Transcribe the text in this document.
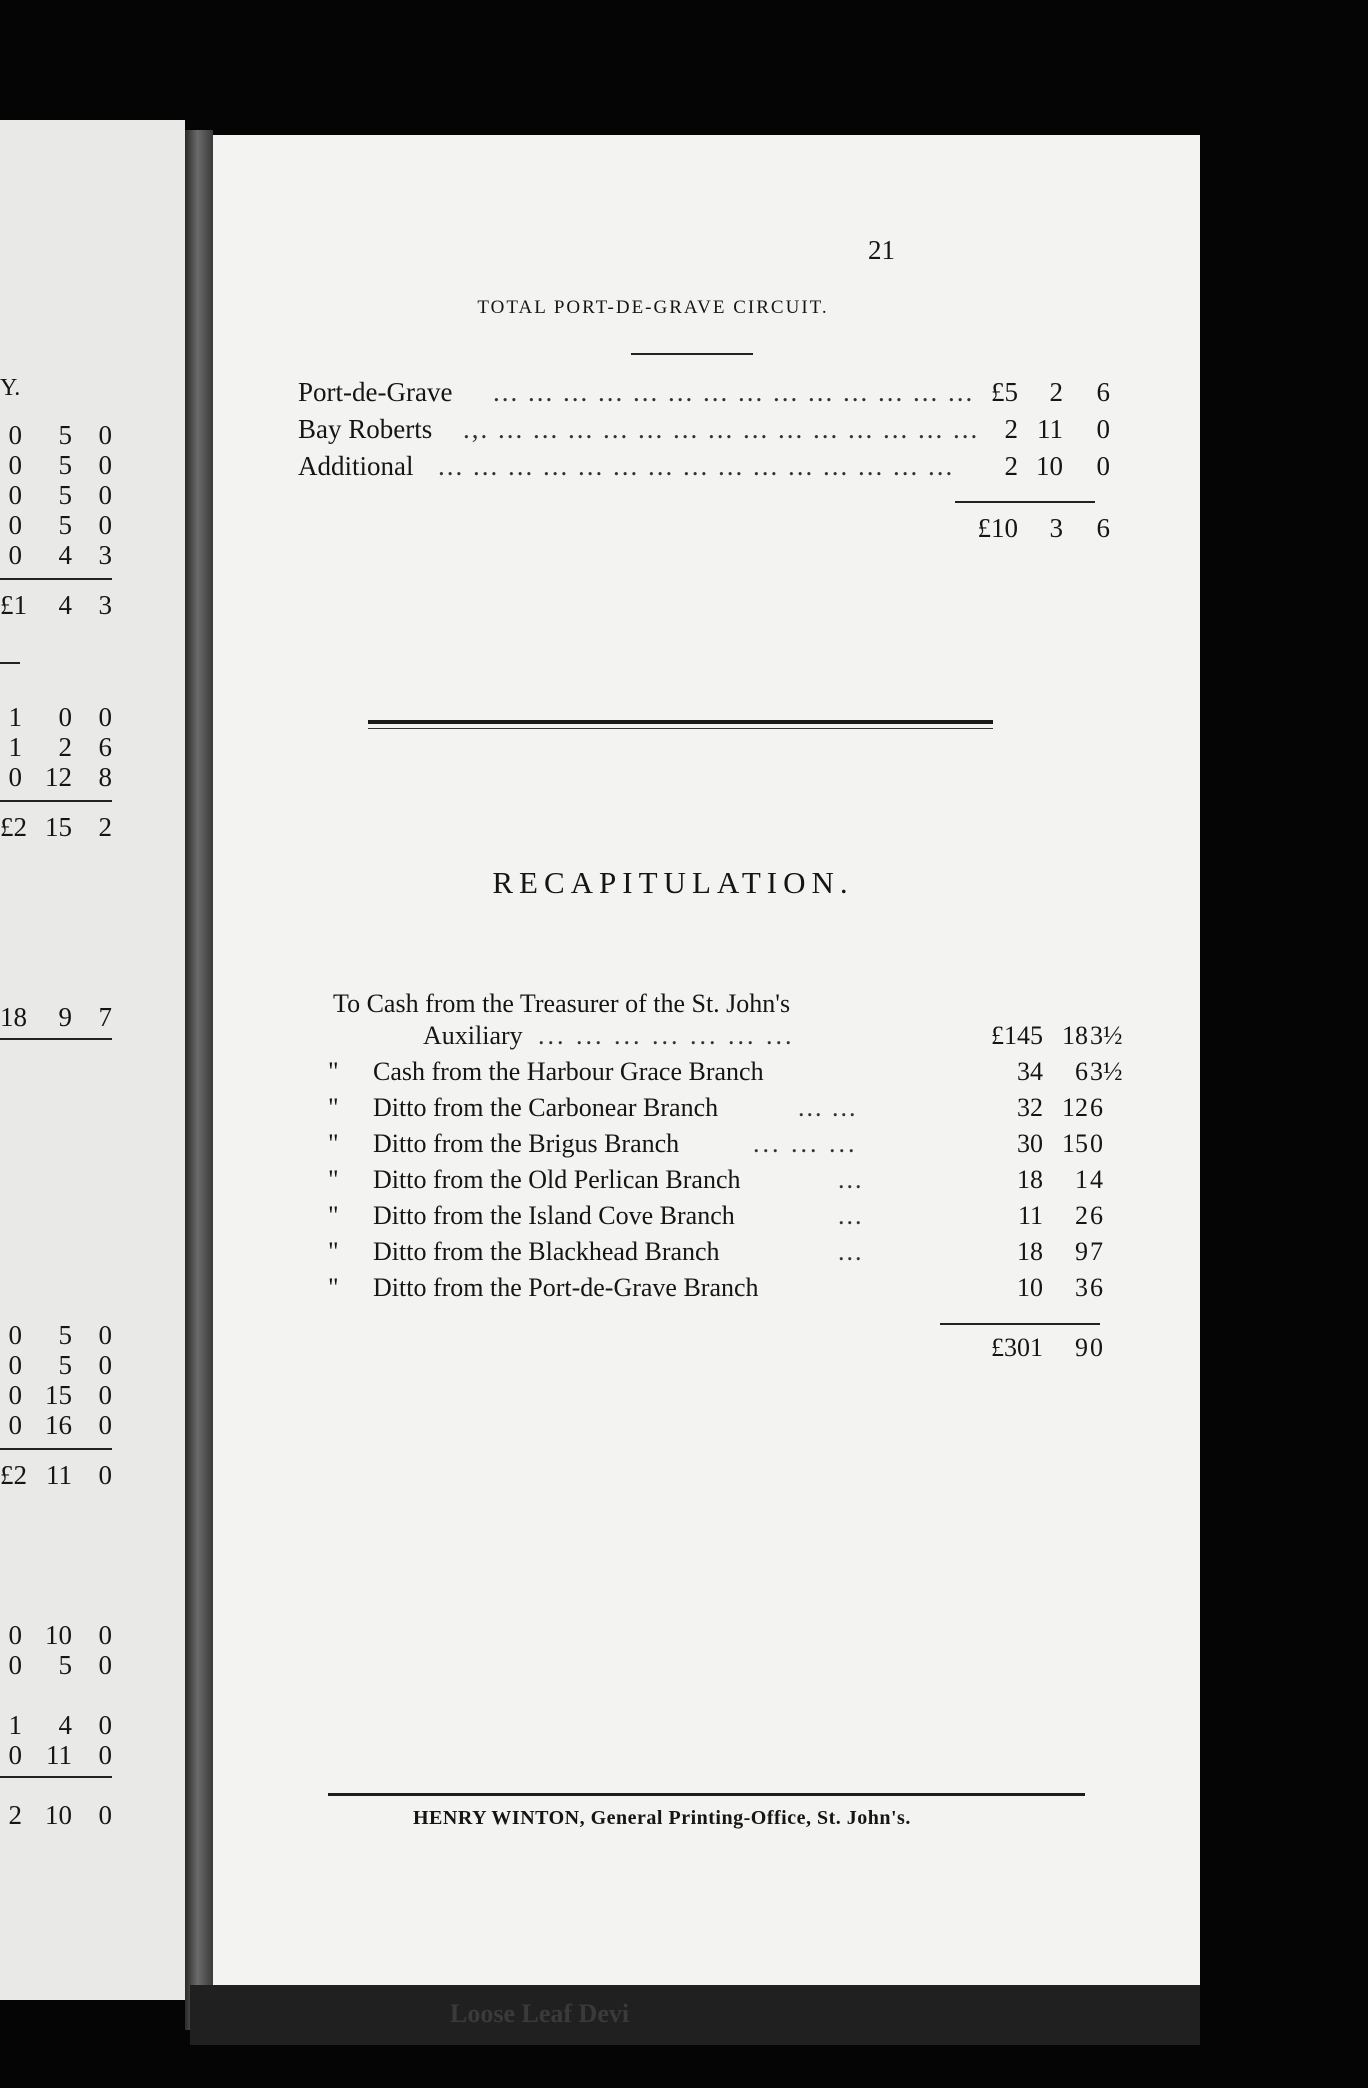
Y.
0	5 0
0	5 0
0	5 0
0	5 0
0	4 3
£1	4 3
1	0 0
1	2 6
0 12 8
£2 15 2
18	9 7
0	5 0
0	5 0
0 15 0
0 16 0
£2 11 0
0 10 0
0	5 0
1	4 0
0 11 0
2 10 0
21
TOTAL PORT-DE-GRAVE CIRCUIT.
Port-de-Grave ... ... ... ... ... ... ... ... ... ... ... ... ... ... £5	2	6
Bay Roberts .,. ... ... ... ... ... ... ... ... ... ... ... ... ... ... 2 11	0
Additional ... ... ... ... ... ... ... ... ... ... ... ... ... ... ...	2 10	0
£10	3	6
RECAPITULATION.
To Cash from the Treasurer of the St. John's
Auxiliary ... ... ... ... ... ... ...	£145 18 3½
"	Cash from the Harbour Grace Branch	34	6 3½
"	Ditto from the Carbonear Branch	... ...	32 12 6
"	Ditto from the Brigus Branch	... ... ...	30 15 0
"	Ditto from the Old Perlican Branch	...	18	1 4
"	Ditto from the Island Cove Branch	...	11	2 6
"	Ditto from the Blackhead Branch	...	18	9 7
"	Ditto from the Port-de-Grave Branch	10	3 6
£301	9 0
HENRY WINTON, General Printing-Office, St. John's.
Loose Leaf Devi
